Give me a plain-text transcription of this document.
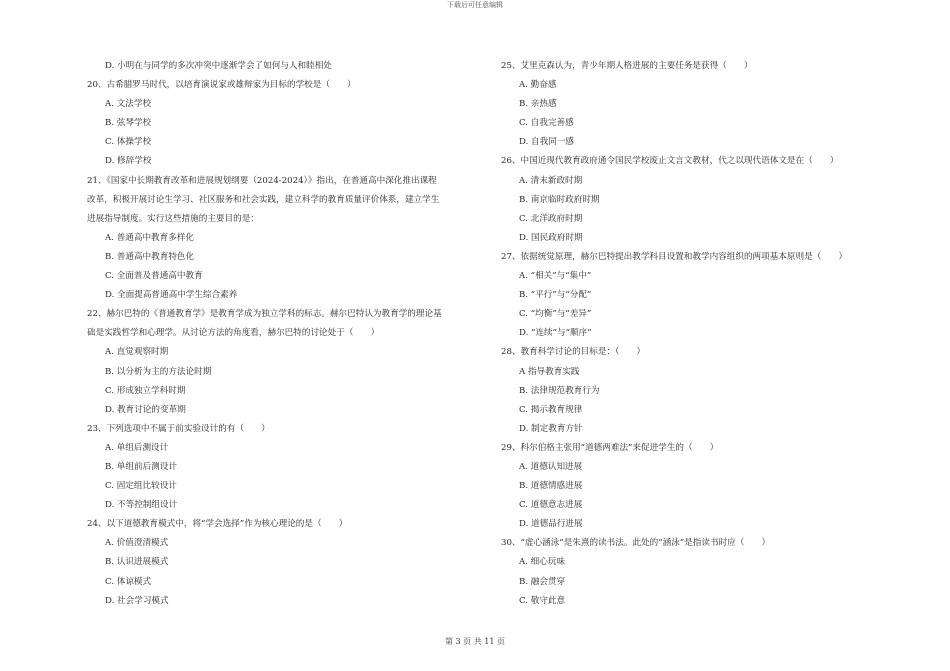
下载后可任意编辑
D. 小明在与同学的多次冲突中逐渐学会了如何与人和睦相处
20、古希腊罗马时代，以培育演说家或雄辩家为目标的学校是（　　）
A. 文法学校
B. 弦琴学校
C. 体操学校
D. 修辞学校
21、《国家中长期教育改革和进展规划纲要（2024-2024）》指出，在普通高中深化推出课程
改革，积极开展讨论生学习、社区服务和社会实践，建立科学的教育质量评价体系，建立学生
进展指导制度。实行这些措施的主要目的是：
A. 普通高中教育多样化
B. 普通高中教育特色化
C. 全面普及普通高中教育
D. 全面提高普通高中学生综合素养
22、赫尔巴特的《普通教育学》是教育学成为独立学科的标志。赫尔巴特认为教育学的理论基
础是实践哲学和心理学。从讨论方法的角度看，赫尔巴特的讨论处于（　　）
A. 直觉观察时期
B. 以分析为主的方法论时期
C. 形成独立学科时期
D. 教育讨论的变革期
23、下列选项中不属于前实验设计的有（　　）
A. 单组后测设计
B. 单组前后测设计
C. 固定组比较设计
D. 不等控制组设计
24、以下道德教育模式中，将“学会选择”作为核心理论的是（　　）
A. 价值澄清模式
B. 认识进展模式
C. 体谅模式
D. 社会学习模式
25、艾里克森认为，青少年期人格进展的主要任务是获得（　　）
A. 勤奋感
B. 亲热感
C. 自我完善感
D. 自我同一感
26、中国近现代教育政府通令国民学校废止文言文教材，代之以现代语体文是在（　　）
A. 清末新政时期
B. 南京临时政府时期
C. 北洋政府时期
D. 国民政府时期
27、依据统觉原理，赫尔巴特提出教学科目设置和教学内容组织的两项基本原则是（　　）
A. “相关”与“集中”
B. “平行”与“分配”
C. “均衡”与“差异”
D. “连续”与“顺序”
28、教育科学讨论的目标是：（　　）
A 指导教育实践
B. 法律规范教育行为
C. 揭示教育规律
D. 制定教育方针
29、科尔伯格主张用“道德两难法”来促进学生的（　　）
A. 道德认知进展
B. 道德情感进展
C. 道德意志进展
D. 道德品行进展
30、“虚心涵泳”是朱熹的读书法。此处的“涵泳”是指读书时应（　　）
A. 细心玩味
B. 融会贯穿
C. 敬守此意
第 3 页 共 11 页
